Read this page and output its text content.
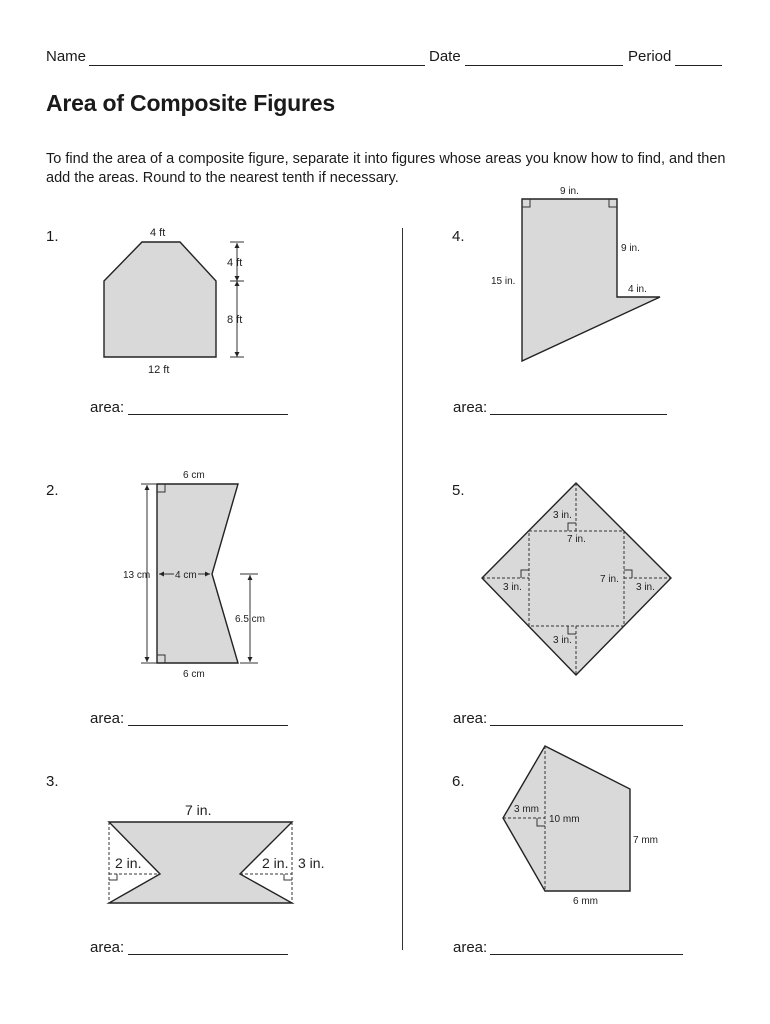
Name	Date	Period
Area of Composite Figures
To find the area of a composite figure, separate it into figures whose areas you know how to find, and then add the areas. Round to the nearest tenth if necessary.
1.
2.
3.
4.
5.
6.
area:
area:
area:
area:
area:
area:
4 ft
4 ft
8 ft
12 ft
6 cm
13 cm 4 cm
6.5 cm
6 cm
7 in.
2 in.	2 in. 3 in.
9 in.
9 in.
15 in.
4 in.
3 in.
7 in.
3 in.
7 in.
3 in.
3 in.
3 mm
10 mm
7 mm
6 mm
